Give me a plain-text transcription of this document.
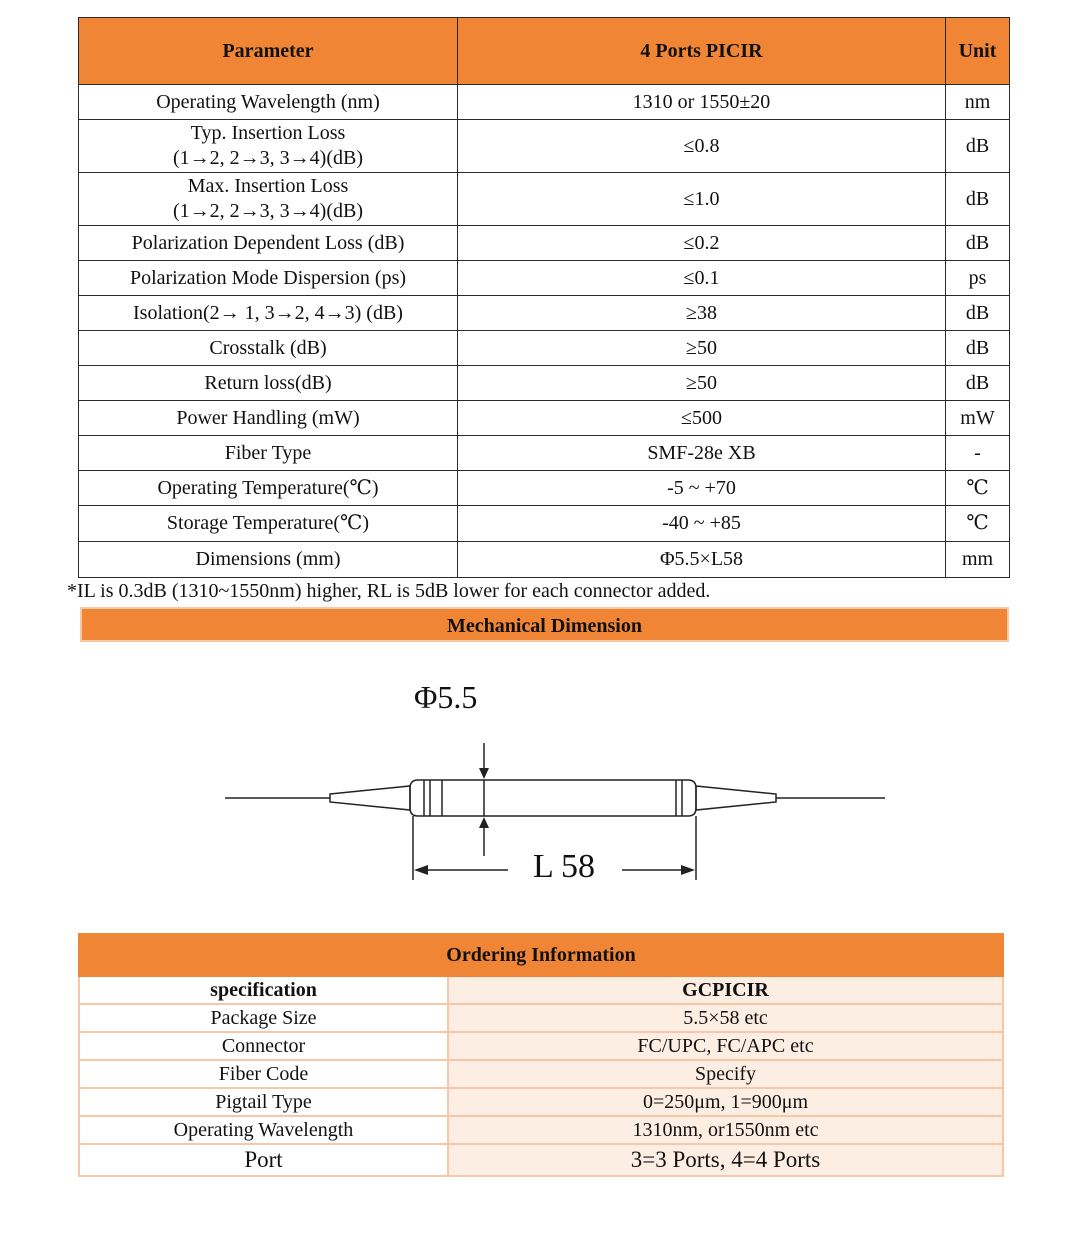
Parameter	4 Ports PICIR	Unit
Operating Wavelength (nm)	1310 or 1550±20	nm
Typ. Insertion Loss
(1→2, 2→3, 3→4)(dB)	≤0.8	dB
Max. Insertion Loss
(1→2, 2→3, 3→4)(dB)	≤1.0	dB
Polarization Dependent Loss (dB)	≤0.2	dB
Polarization Mode Dispersion (ps)	≤0.1	ps
Isolation(2→ 1, 3→2, 4→3) (dB)	≥38	dB
Crosstalk (dB)	≥50	dB
Return loss(dB)	≥50	dB
Power Handling (mW)	≤500	mW
Fiber Type	SMF-28e XB	-
Operating Temperature(℃)	-5 ~ +70	℃
Storage Temperature(℃)	-40 ~ +85	℃
Dimensions (mm)	Φ5.5×L58	mm
*IL is 0.3dB (1310~1550nm) higher, RL is 5dB lower for each connector added.
Mechanical Dimension
Φ5.5
L 58
Ordering Information	
specification	GCPICIR
Package Size	5.5×58 etc
Connector	FC/UPC, FC/APC etc
Fiber Code	Specify
Pigtail Type	0=250μm, 1=900μm
Operating Wavelength	1310nm, or1550nm etc
Port	3=3 Ports, 4=4 Ports
